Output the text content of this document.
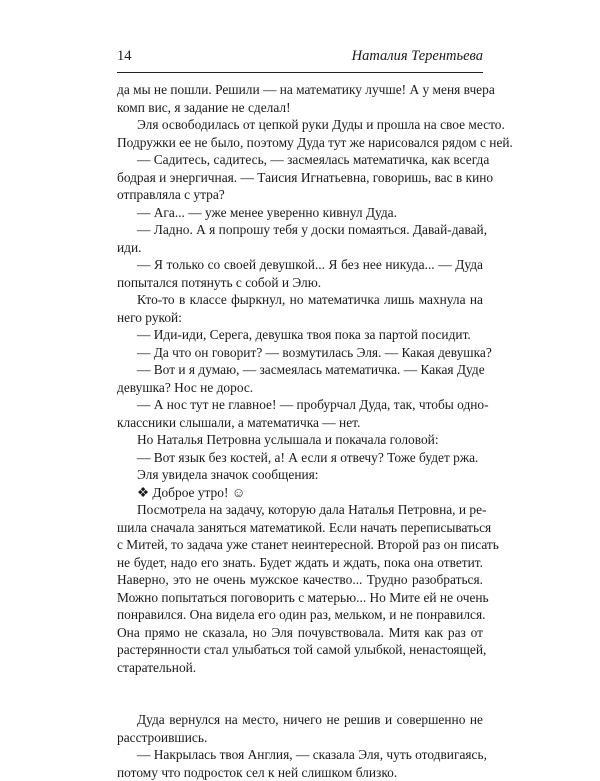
14	Наталия Терентьева
да мы не пошли. Решили — на математику лучше! А у меня вчера
комп вис, я задание не сделал!
Эля освободилась от цепкой руки Дуды и прошла на свое место.
Подружки ее не было, поэтому Дуда тут же нарисовался рядом с ней.
— Садитесь, садитесь, — засмеялась математичка, как всегда
бодрая и энергичная. — Таисия Игнатьевна, говоришь, вас в кино
отправляла с утра?
— Ага... — уже менее уверенно кивнул Дуда.
— Ладно. А я попрошу тебя у доски помаяться. Давай-давай,
иди.
— Я только со своей девушкой... Я без нее никуда... — Дуда
попытался потянуть с собой и Элю.
Кто-то в классе фыркнул, но математичка лишь махнула на
него рукой:
— Иди-иди, Серега, девушка твоя пока за партой посидит.
— Да что он говорит? — возмутилась Эля. — Какая девушка?
— Вот и я думаю, — засмеялась математичка. — Какая Дуде
девушка? Нос не дорос.
— А нос тут не главное! — пробурчал Дуда, так, чтобы одно-
классники слышали, а математичка — нет.
Но Наталья Петровна услышала и покачала головой:
— Вот язык без костей, а! А если я отвечу? Тоже будет ржа.
Эля увидела значок сообщения:
❖ Доброе утро! ☺
Посмотрела на задачу, которую дала Наталья Петровна, и ре-
шила сначала заняться математикой. Если начать переписываться
с Митей, то задача уже станет неинтересной. Второй раз он писать
не будет, надо его знать. Будет ждать и ждать, пока она ответит.
Наверно, это не очень мужское качество... Трудно разобраться.
Можно попытаться поговорить с матерью... Но Мите ей не очень
понравился. Она видела его один раз, мельком, и не понравился.
Она прямо не сказала, но Эля почувствовала. Митя как раз от
растерянности стал улыбаться той самой улыбкой, ненастоящей,
старательной.
Дуда вернулся на место, ничего не решив и совершенно не
расстроившись.
— Накрылась твоя Англия, — сказала Эля, чуть отодвигаясь,
потому что подросток сел к ней слишком близко.
